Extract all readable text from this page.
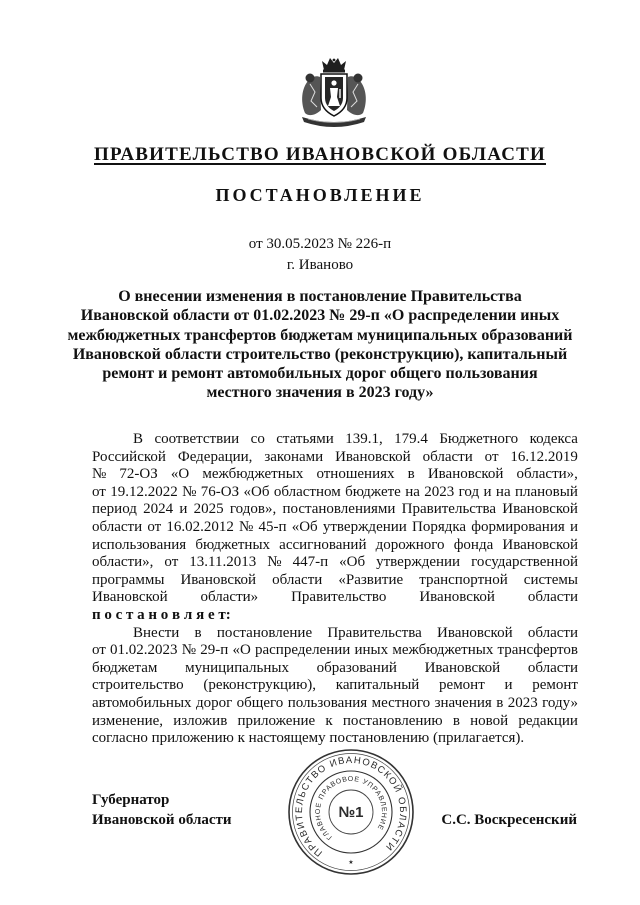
ПРАВИТЕЛЬСТВО ИВАНОВСКОЙ ОБЛАСТИ
ПОСТАНОВЛЕНИЕ
от 30.05.2023 № 226-п
г. Иваново
О внесении изменения в постановление Правительства
Ивановской области от 01.02.2023 № 29-п «О распределении иных
межбюджетных трансфертов бюджетам муниципальных образований
Ивановской области строительство (реконструкцию), капитальный
ремонт и ремонт автомобильных дорог общего пользования
местного значения в 2023 году»
В соответствии со статьями 139.1, 179.4 Бюджетного кодекса
Российской Федерации, законами Ивановской области от 16.12.2019
№ 72-ОЗ «О межбюджетных отношениях в Ивановской области»,
от 19.12.2022 № 76-ОЗ «Об областном бюджете на 2023 год и на плановый
период 2024 и 2025 годов», постановлениями Правительства Ивановской
области от 16.02.2012 № 45-п «Об утверждении Порядка формирования и
использования бюджетных ассигнований дорожного фонда Ивановской
области», от 13.11.2013 № 447-п «Об утверждении государственной
программы Ивановской области «Развитие транспортной системы
Ивановской области» Правительство Ивановской области
п о с т а н о в л я е т:
Внести в постановление Правительства Ивановской области
от 01.02.2023 № 29-п «О распределении иных межбюджетных трансфертов
бюджетам муниципальных образований Ивановской области
строительство (реконструкцию), капитальный ремонт и ремонт
автомобильных дорог общего пользования местного значения в 2023 году»
изменение, изложив приложение к постановлению в новой редакции
согласно приложению к настоящему постановлению (прилагается).
Губернатор
Ивановской области	С.С. Воскресенский
ПРАВИТЕЛЬСТВО ИВАНОВСКОЙ ОБЛАСТИ
ГЛАВНОЕ ПРАВОВОЕ УПРАВЛЕНИЕ
★
№1
